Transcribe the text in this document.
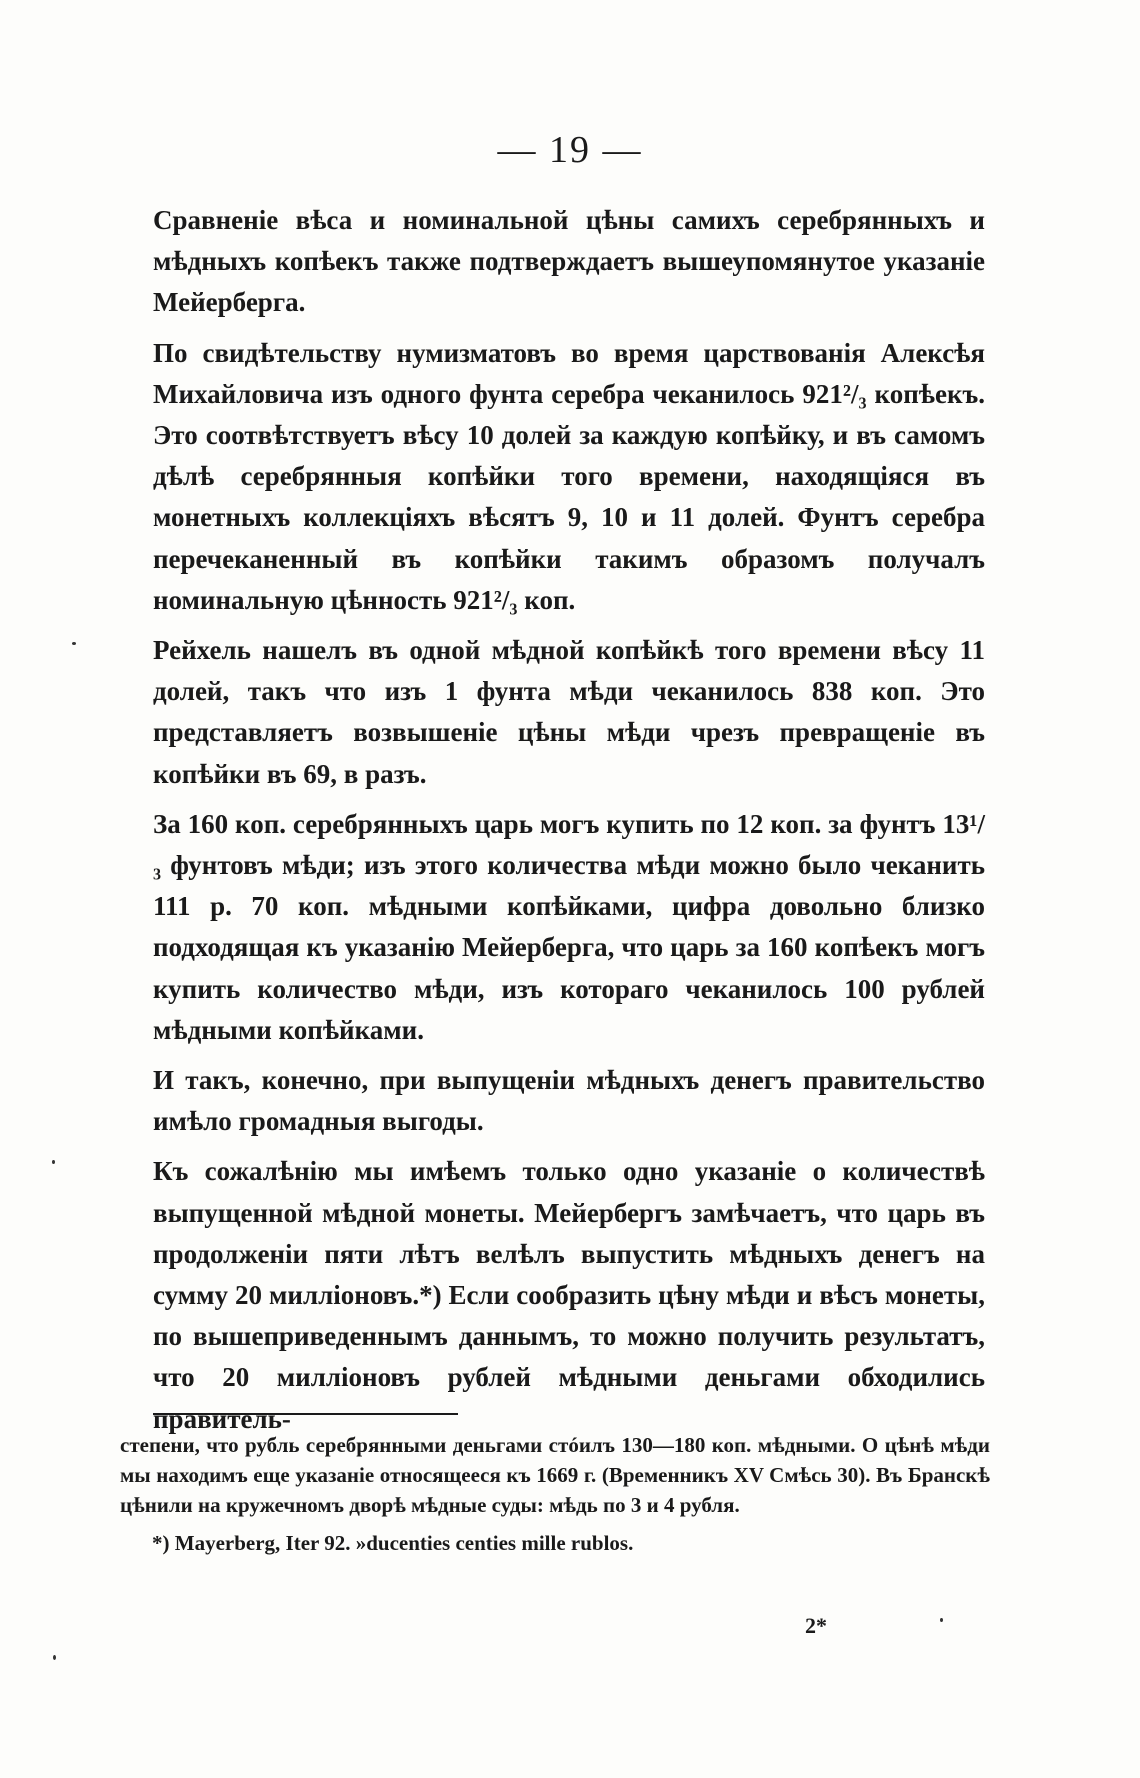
— 19 —

Сравненіе вѣса и номинальной цѣны самихъ серебрянныхъ и мѣдныхъ копѣекъ также подтверждаетъ вышеупомянутое указаніе Мейерберга.

По свидѣтельству нумизматовъ во время царствованія Алексѣя Михайловича изъ одного фунта серебра чеканилось 921²/₃ копѣекъ. Это соотвѣтствуетъ вѣсу 10 долей за каждую копѣйку, и въ самомъ дѣлѣ серебрянныя копѣйки того времени, находящіяся въ монетныхъ коллекціяхъ вѣсятъ 9, 10 и 11 долей. Фунтъ серебра перечеканенный въ копѣйки такимъ образомъ получалъ номинальную цѣнность 921²/₃ коп.

Рейхель нашелъ въ одной мѣдной копѣйкѣ того времени вѣсу 11 долей, такъ что изъ 1 фунта мѣди чеканилось 838 коп. Это представляетъ возвышеніе цѣны мѣди чрезъ превращеніе въ копѣйки въ 69, в разъ.

За 160 коп. серебрянныхъ царь могъ купить по 12 коп. за фунтъ 13¹/₃ фунтовъ мѣди; изъ этого количества мѣди можно было чеканить 111 р. 70 коп. мѣдными копѣйками, цифра довольно близко подходящая къ указанію Мейерберга, что царь за 160 копѣекъ могъ купить количество мѣди, изъ котораго чеканилось 100 рублей мѣдными копѣйками.

И такъ, конечно, при выпущеніи мѣдныхъ денегъ правительство имѣло громадныя выгоды.

Къ сожалѣнію мы имѣемъ только одно указаніе о количествѣ выпущенной мѣдной монеты. Мейербергъ замѣчаетъ, что царь въ продолженіи пяти лѣтъ велѣлъ выпустить мѣдныхъ денегъ на сумму 20 милліоновъ.*) Если сообразить цѣну мѣди и вѣсъ монеты, по вышеприведеннымъ даннымъ, то можно получить результатъ, что 20 милліоновъ рублей мѣдными деньгами обходились правитель-

степени, что рубль серебрянными деньгами стóилъ 130—180 коп. мѣдными. О цѣнѣ мѣди мы находимъ еще указаніе относящееся къ 1669 г. (Временникъ XV Смѣсь 30). Въ Бранскѣ цѣнили на кружечномъ дворѣ мѣдные суды: мѣдь по 3 и 4 рубля.

*) Mayerberg, Iter 92. »ducenties centies mille rublos.

2*
